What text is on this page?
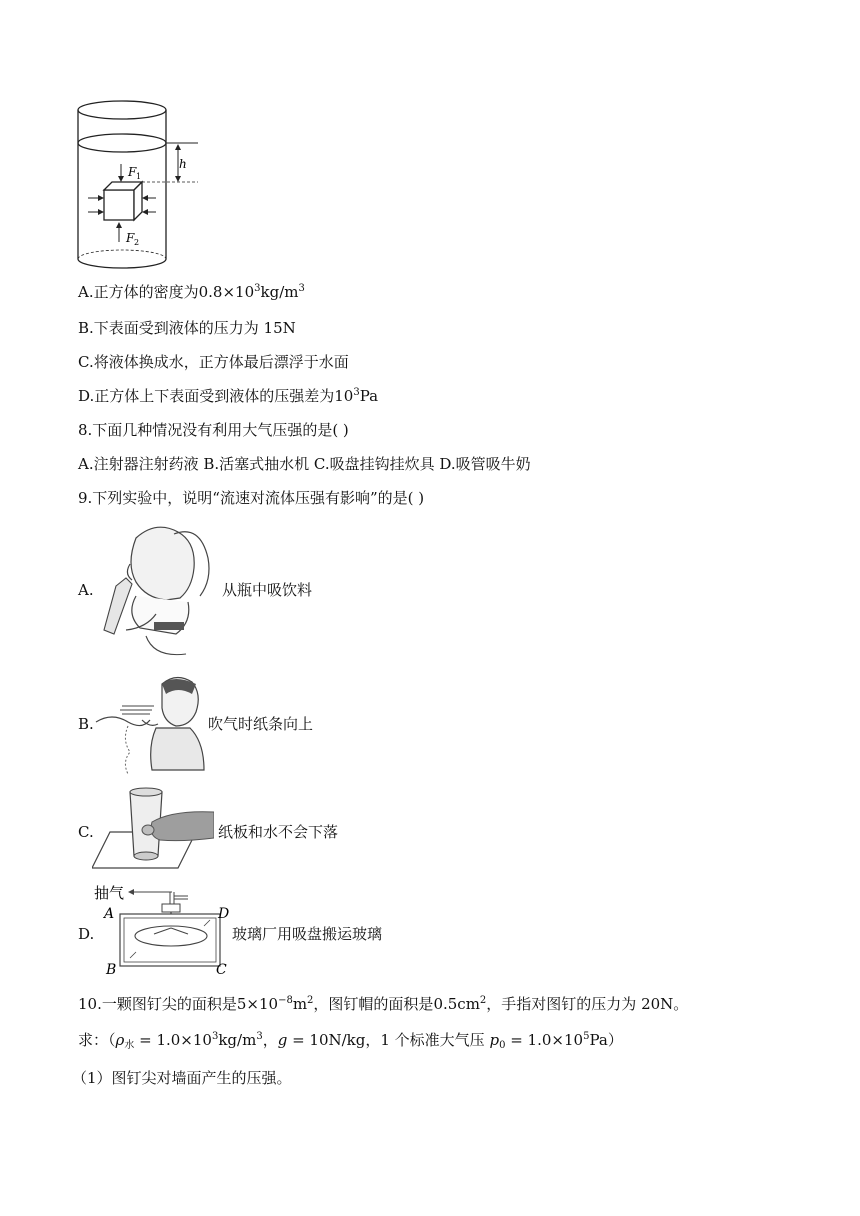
h
F 1
F 2
A.正方体的密度为$0.8\times 10^3kg/m^3$
B.下表面受到液体的压力为 15N
C.将液体换成水，正方体最后漂浮于水面
D.正方体上下表面受到液体的压强差为$10^3Pa$
8.下面几种情况没有利用大气压强的是( )
A.注射器注射药液 B.活塞式抽水机 C.吸盘挂钩挂炊具 D.吸管吸牛奶
9.下列实验中，说明“流速对流体压强有影响”的是( )
A.	从瓶中吸饮料
B.	吹气时纸条向上
C.	纸板和水不会下落
D.
抽气
A	D
B	C
玻璃厂用吸盘搬运玻璃
10.一颗图钉尖的面积是$5\times 10^{-8}m^2$，图钉帽的面积是$0.5cm^2$，手指对图钉的压力为 20N。
求：（$\rho_水 = 1.0\times 10^3kg/m^3$，g = 10N/kg，1 个标准大气压 $p_0 = 1.0\times 10^5Pa$）
（1）图钉尖对墙面产生的压强。
